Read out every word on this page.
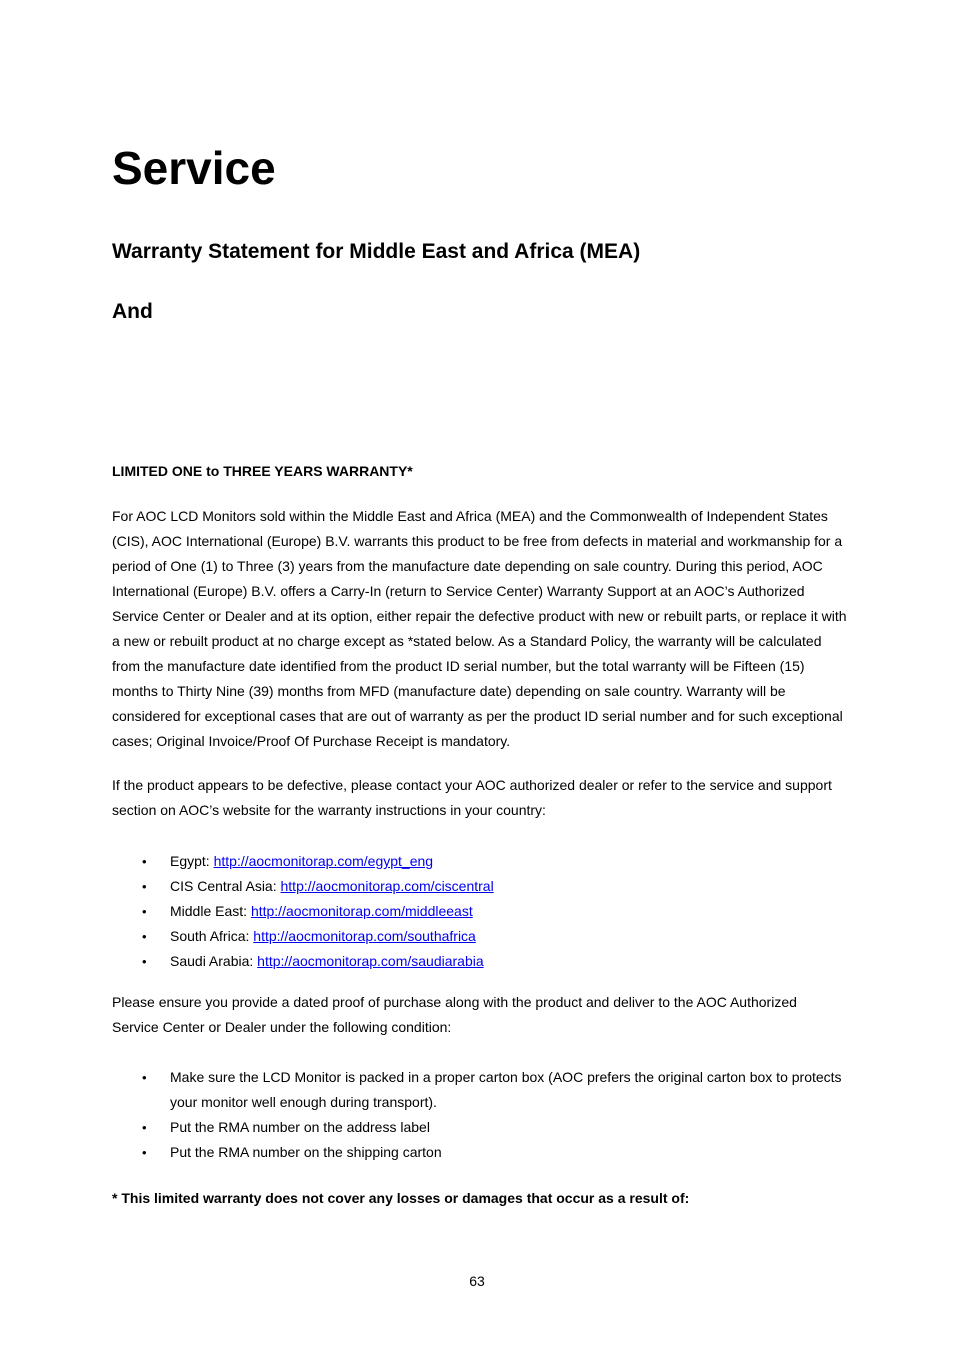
Service
Warranty Statement for Middle East and Africa (MEA)
And
LIMITED ONE to THREE YEARS WARRANTY*

For AOC LCD Monitors sold within the Middle East and Africa (MEA) and the Commonwealth of Independent States (CIS), AOC International (Europe) B.V. warrants this product to be free from defects in material and workmanship for a period of One (1) to Three (3) years from the manufacture date depending on sale country. During this period, AOC International (Europe) B.V. offers a Carry-In (return to Service Center) Warranty Support at an AOC’s Authorized Service Center or Dealer and at its option, either repair the defective product with new or rebuilt parts, or replace it with a new or rebuilt product at no charge except as *stated below. As a Standard Policy, the warranty will be calculated from the manufacture date identified from the product ID serial number, but the total warranty will be Fifteen (15) months to Thirty Nine (39) months from MFD (manufacture date) depending on sale country. Warranty will be considered for exceptional cases that are out of warranty as per the product ID serial number and for such exceptional cases; Original Invoice/Proof Of Purchase Receipt is mandatory.

If the product appears to be defective, please contact your AOC authorized dealer or refer to the service and support section on AOC’s website for the warranty instructions in your country:

• Egypt: http://aocmonitorap.com/egypt_eng
• CIS Central Asia: http://aocmonitorap.com/ciscentral
• Middle East: http://aocmonitorap.com/middleeast
• South Africa: http://aocmonitorap.com/southafrica
• Saudi Arabia: http://aocmonitorap.com/saudiarabia

Please ensure you provide a dated proof of purchase along with the product and deliver to the AOC Authorized Service Center or Dealer under the following condition:

• Make sure the LCD Monitor is packed in a proper carton box (AOC prefers the original carton box to protects your monitor well enough during transport).
• Put the RMA number on the address label
• Put the RMA number on the shipping carton

* This limited warranty does not cover any losses or damages that occur as a result of:

63
